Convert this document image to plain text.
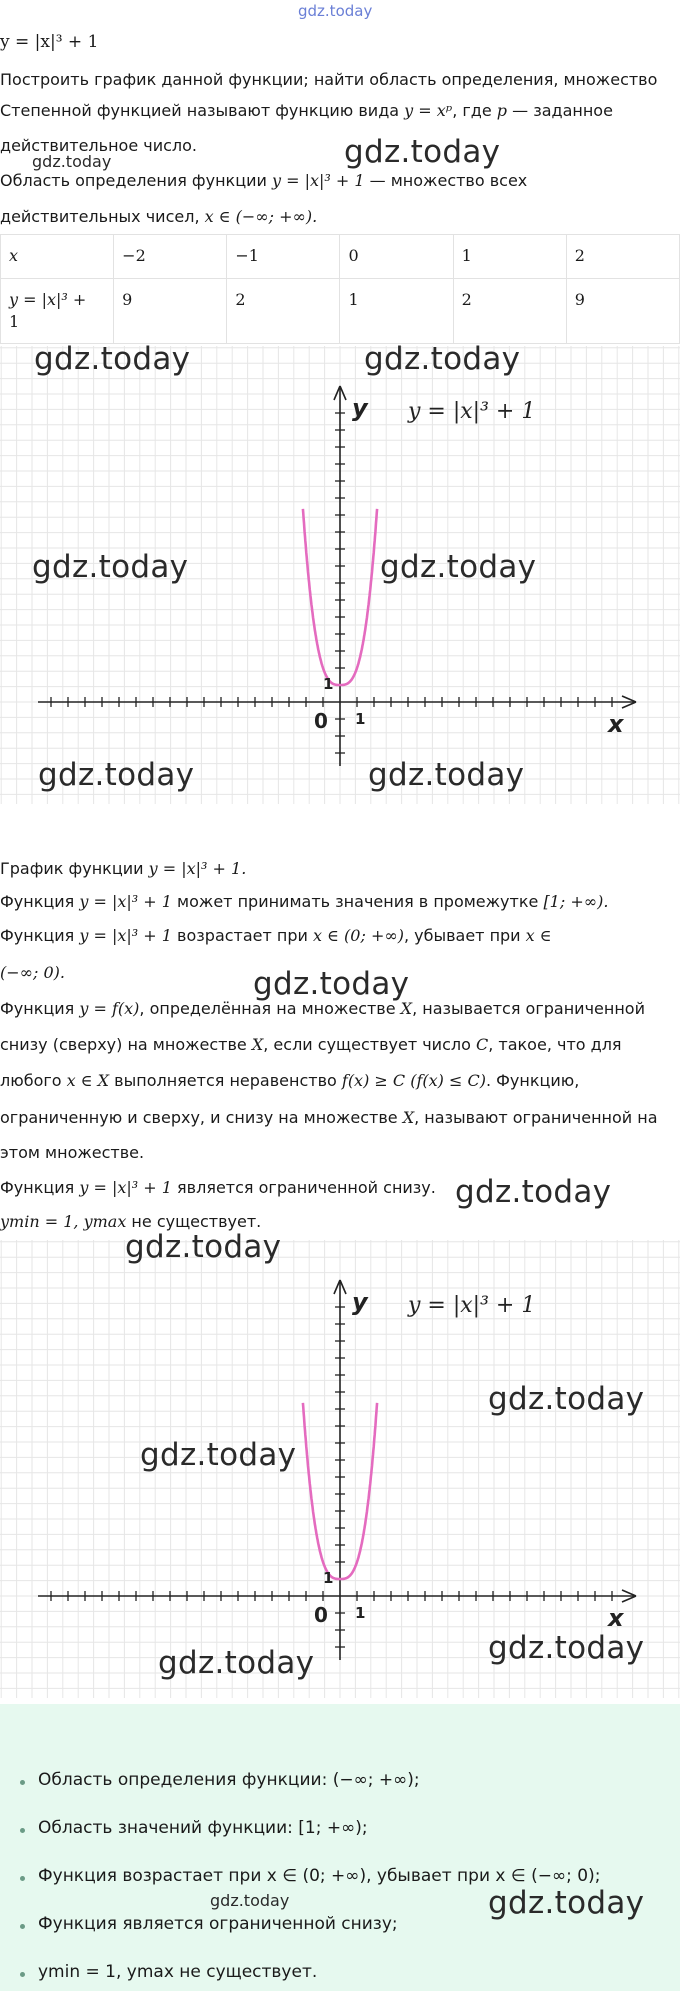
gdz.today
y = |x|³ + 1
Построить график данной функции; найти область определения, множество
Степенной функцией называют функцию вида y = xᵖ, где p — заданное
действительное число.
Область определения функции y = |x|³ + 1 — множество всех
действительных чисел, x ∈ (−∞; +∞).
x	−2	−1	0	1	2
y = |x|³ +
1	9	2	1	2	9
y
x
0 1
1
y = |x|³ + 1
График функции y = |x|³ + 1.
Функция y = |x|³ + 1 может принимать значения в промежутке [1; +∞).
Функция y = |x|³ + 1 возрастает при x ∈ (0; +∞), убывает при x ∈
(−∞; 0).
Функция y = f(x), определённая на множестве X, называется ограниченной
снизу (сверху) на множестве X, если существует число C, такое, что для
любого x ∈ X выполняется неравенство f(x) ≥ C (f(x) ≤ C). Функцию,
ограниченную и сверху, и снизу на множестве X, называют ограниченной на
этом множестве.
Функция y = |x|³ + 1 является ограниченной снизу.
ymin = 1, ymax не существует.
y
x
0 1
1
y = |x|³ + 1
Область определения функции: (−∞; +∞);
Область значений функции: [1; +∞);
Функция возрастает при x ∈ (0; +∞), убывает при x ∈ (−∞; 0);
Функция является ограниченной снизу;
ymin = 1, ymax не существует.
gdz.today	gdz.today
gdz.today	gdz.today
gdz.today	gdz.today
gdz.today	gdz.today
gdz.today
gdz.today
gdz.today
gdz.today
gdz.today
gdz.today	gdz.today
gdz.today	gdz.today
